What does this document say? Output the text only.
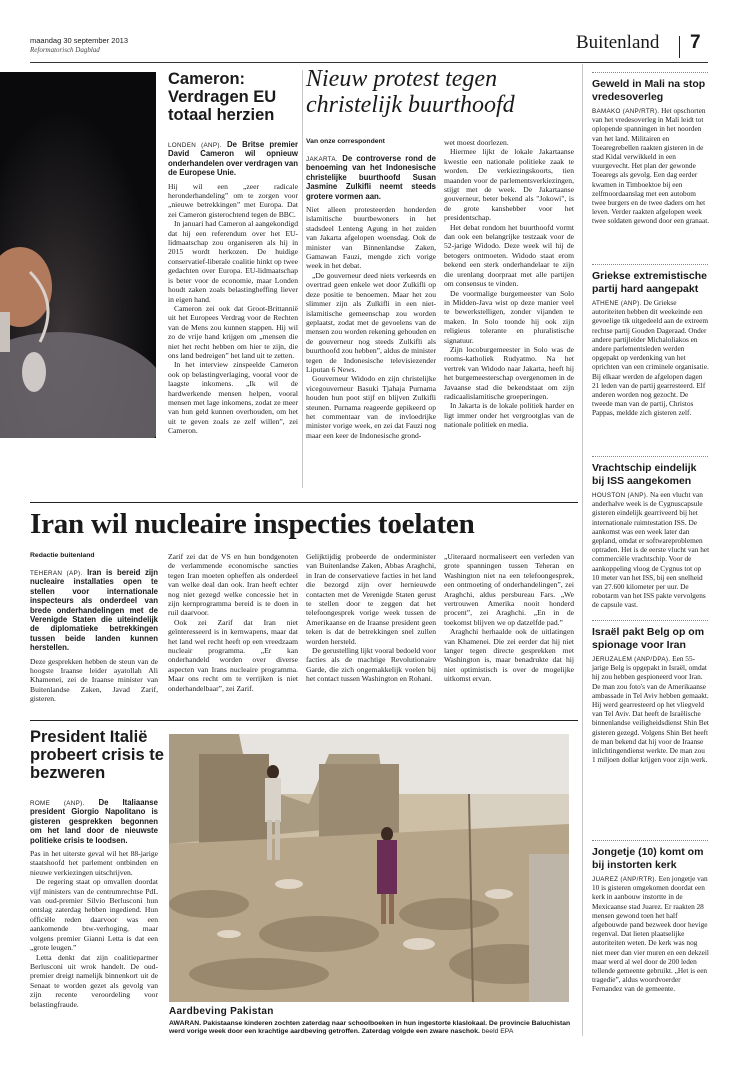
maandag 30 september 2013
Reformatorisch Dagblad	Buitenland 7
Cameron: Verdragen EU totaal herzien
LONDEN (ANP). De Britse premier David Cameron wil opnieuw onderhandelen over verdragen van de Europese Unie.

Hij wil een „zeer radicale heronderhandeling” om te zorgen voor „nieuwe betrekkingen” met Europa. Dat zei Cameron gisterochtend tegen de BBC.

In januari had Cameron al aangekondigd dat hij een referendum over het EU-lidmaatschap zou organiseren als hij in 2015 wordt herkozen. De huidige conservatief-liberale coalitie hinkt op twee gedachten over Europa. EU-lidmaatschap is beter voor de economie, maar Londen houdt zaken zoals belastingheffing liever in eigen hand.

Cameron zei ook dat Groot-Brittannië uit het Europees Verdrag voor de Rechten van de Mens zou kunnen stappen. Hij wil zo de vrije hand krijgen om „mensen die niet het recht hebben om hier te zijn, die ons land bedreigen” het land uit te zetten.

In het interview zinspeelde Cameron ook op belastingverlaging, vooral voor de laagste inkomens. „Ik wil de hardwerkende mensen helpen, vooral mensen met lage inkomens, zodat ze meer van hun geld kunnen overhouden, om het uit te geven zoals ze zelf willen”, zei Cameron.

Nieuw protest tegen christelijk buurthoofd
Van onze correspondent
JAKARTA. De controverse rond de benoeming van het Indonesische christelijke buurthoofd Susan Jasmine Zulkifli neemt steeds grotere vormen aan.

Niet alleen protesteerden honderden islamitische buurtbewoners in het stadsdeel Lenteng Agung in het zuiden van Jakarta afgelopen woensdag. Ook de minister van Binnenlandse Zaken, Gamawan Fauzi, mengde zich vorige week in het debat.

„De gouverneur deed niets verkeerds en overtrad geen enkele wet door Zulkifli op deze positie te benoemen. Maar het zou slimmer zijn als Zulkifli in een niet-islamitische gemeenschap zou worden geplaatst, zodat met de gevoelens van de mensen zou worden rekening gehouden en de gouverneur nog steeds Zulkifli als buurthoofd zou hebben”, aldus de minister tegen de Indonesische televisiezender Liputan 6 News.

Gouverneur Widodo en zijn christelijke vicegouverneur Basuki Tjahaja Purnama houden hun poot stijf en blijven Zulkifli steunen. Purnama reageerde gepikeerd op het commentaar van de invloedrijke minister vorige week, en zei dat Fauzi nog maar een keer de Indonesische grond-

wet moest doorlezen.

Hiermee lijkt de lokale Jakartaanse kwestie een nationale politieke zaak te worden. De verkiezingskoorts, tien maanden voor de parlementsverkiezingen, stijgt met de week. De Jakartaanse gouverneur, beter bekend als "Jokowi", is de grote kanshebber voor het presidentschap.

Het debat rondom het buurthoofd vormt dan ook een belangrijke testzaak voor de 52-jarige Widodo. Deze week wil hij de betogers ontmoeten. Widodo staat erom bekend een sterk onderhandelaar te zijn die urenlang doorpraat met alle partijen om consensus te vinden.

De voormalige burgemeester van Solo in Midden-Java wist op deze manier veel te bewerkstelligen, zonder vijanden te maken. In Solo toonde hij ook zijn religieus tolerante en pluralistische signatuur.

Zijn locoburgemeester in Solo was de rooms-katholiek Rudyatmo. Na het vertrek van Widodo naar Jakarta, heeft hij het burgemeesterschap overgenomen in de Javaanse stad die bekendstaat om zijn radicaalislamitische groeperingen.

In Jakarta is de lokale politiek harder en ligt immer onder het vergrootglas van de nationale politiek en media.

Iran wil nucleaire inspecties toelaten
Redactie buitenland
TEHERAN (AP). Iran is bereid zijn nucleaire installaties open te stellen voor internationale inspecteurs als onderdeel van brede onderhandelingen met de Verenigde Staten die uiteindelijk de diplomatieke betrekkingen tussen beide landen kunnen herstellen.

Deze gesprekken hebben de steun van de hoogste Iraanse leider ayatollah Ali Khamenei, zei de Iraanse minister van Buitenlandse Zaken, Javad Zarif, gisteren.

Zarif zei dat de VS en hun bondgenoten de verlammende economische sancties tegen Iran moeten opheffen als onderdeel van welke deal dan ook. Iran heeft echter nog niet gezegd welke concessie het in zijn kernprogramma bereid is te doen in ruil daarvoor.

Ook zei Zarif dat Iran niet geïnteresseerd is in kernwapens, maar dat het land wel recht heeft op een vreedzaam nucleair programma. „Er kan onderhandeld worden over diverse aspecten van Irans nucleaire programma. Maar ons recht om te verrijken is niet onderhandelbaar”, zei Zarif.

Gelijktijdig probeerde de onderminister van Buitenlandse Zaken, Abbas Araghchi, in Iran de conservatieve facties in het land die bezorgd zijn over hernieuwde contacten met de Verenigde Staten gerust te stellen door te zeggen dat het telefoongesprek vorige week tussen de Amerikaanse en de Iraanse president geen teken is dat de betrekkingen snel zullen worden hersteld.

De gerustelling lijkt vooral bedoeld voor facties als de machtige Revolutionaire Garde, die zich ongemakkelijk voelen bij het contact tussen Washington en Rohani.

„Uiteraard normaliseert een verleden van grote spanningen tussen Teheran en Washington niet na een telefoongesprek, een ontmoeting of onderhandelingen”, zei Araghchi, aldus persbureau Fars. „We vertrouwen Amerika nooit honderd procent”, zei Araghchi. „En in de toekomst blijven we op datzelfde pad.”

Araghchi herhaalde ook de uitlatingen van Khamenei. Die zei eerder dat hij niet langer tegen directe gesprekken met Washington is, maar benadrukte dat hij niet optimistisch is over de mogelijke uitkomst ervan.

President Italië probeert crisis te bezweren
ROME (ANP). De Italiaanse president Giorgio Napolitano is gisteren gesprekken begonnen om het land door de nieuwste politieke crisis te loodsen.

Pas in het uiterste geval wil het 88-jarige staatshoofd het parlement ontbinden en nieuwe verkiezingen uitschrijven.

De regering staat op omvallen doordat vijf ministers van de centrumrechtse PdL van oud-premier Silvio Berlusconi hun ontslag zaterdag hebben ingediend. Hun officiële reden daarvoor was een aankomende btw-verhoging, maar volgens premier Gianni Letta is dat een „grote leugen.”

Letta denkt dat zijn coalitiepartner Berlusconi uit wrok handelt. De oud-premier dreigt namelijk binnenkort uit de Senaat te worden gezet als gevolg van zijn recente veroordeling voor belastingfraude.

Aardbeving Pakistan
AWARAN. Pakistaanse kinderen zochten zaterdag naar schoolboeken in hun ingestorte klaslokaal. De provincie Baluchistan werd vorige week door een krachtige aardbeving getroffen. Zaterdag volgde een zware naschok. beeld EPA
Geweld in Mali na stop vredesoverleg
BAMAKO (ANP/RTR). Het opschorten van het vredesoverleg in Mali leidt tot oplopende spanningen in het noorden van het land. Militairen en Toearegrebellen raakten gisteren in de stad Kidal verwikkeld in een vuurgevecht. Het plan der gewonde Toearegs als gevolg. Een dag eerder kwamen in Timboektoe bij een zelfmoordaanslag met een autobom twee burgers en de twee daders om het leven. Verder raakten afgelopen week twee soldaten gewond door een granaat.
Griekse extremistische partij hard aangepakt
ATHENE (ANP). De Griekse autoriteiten hebben dit weekeinde een gevoelige tik uitgedeeld aan de extreem rechtse partij Gouden Dageraad. Onder andere partijleider Michaloliakos en andere parlementsleden werden opgepakt op verdenking van het oprichten van een criminele organisatie. Bij elkaar werden de afgelopen dagen 21 leden van de partij gearresteerd. Elf anderen worden nog gezocht. De tweede man van de partij, Christos Pappas, meldde zich gisteren zelf.
Vrachtschip eindelijk bij ISS aangekomen
HOUSTON (ANP). Na een vlucht van anderhalve week is de Cygnuscapsule gisteren eindelijk gearriveerd bij het internationale ruimtestation ISS. De aankomst was een week later dan gepland, omdat er softwareproblemen optraden. Het is de eerste vlucht van het commerciële vrachtschip. Voor de aankoppeling vloog de Cygnus tot op 10 meter van het ISS, bij een snelheid van 27.600 kilometer per uur. De robotarm van het ISS pakte vervolgens de capsule vast.
Israël pakt Belg op om spionage voor Iran
JERUZALEM (ANP/DPA). Een 55-jarige Belg is opgepakt in Israël, omdat hij zou hebben gespioneerd voor Iran. De man zou foto's van de Amerikaanse ambassade in Tel Aviv hebben gemaakt. Hij werd gearresteerd op het vliegveld van Tel Aviv. Dat heeft de Israëlische binnenlandse veiligheidsdienst Shin Bet gisteren gezegd. Volgens Shin Bet heeft de man bekend dat hij voor de Iraanse inlichtingendienst werkte. De man zou 1 miljoen dollar krijgen voor zijn werk.
Jongetje (10) komt om bij instorten kerk
JUAREZ (ANP/RTR). Een jongetje van 10 is gisteren omgekomen doordat een kerk in aanbouw instortte in de Mexicaanse stad Juarez. Er raakten 28 mensen gewond toen het half afgebouwde pand bezweek door hevige regenval. Dat lieten plaatselijke autoriteiten weten. De kerk was nog niet meer dan vier muren en een dekzeil maar werd al wel door de 200 leden tellende gemeente gebruikt. „Het is een tragedie”, aldus woordvoerder Fernandez van de gemeente.
